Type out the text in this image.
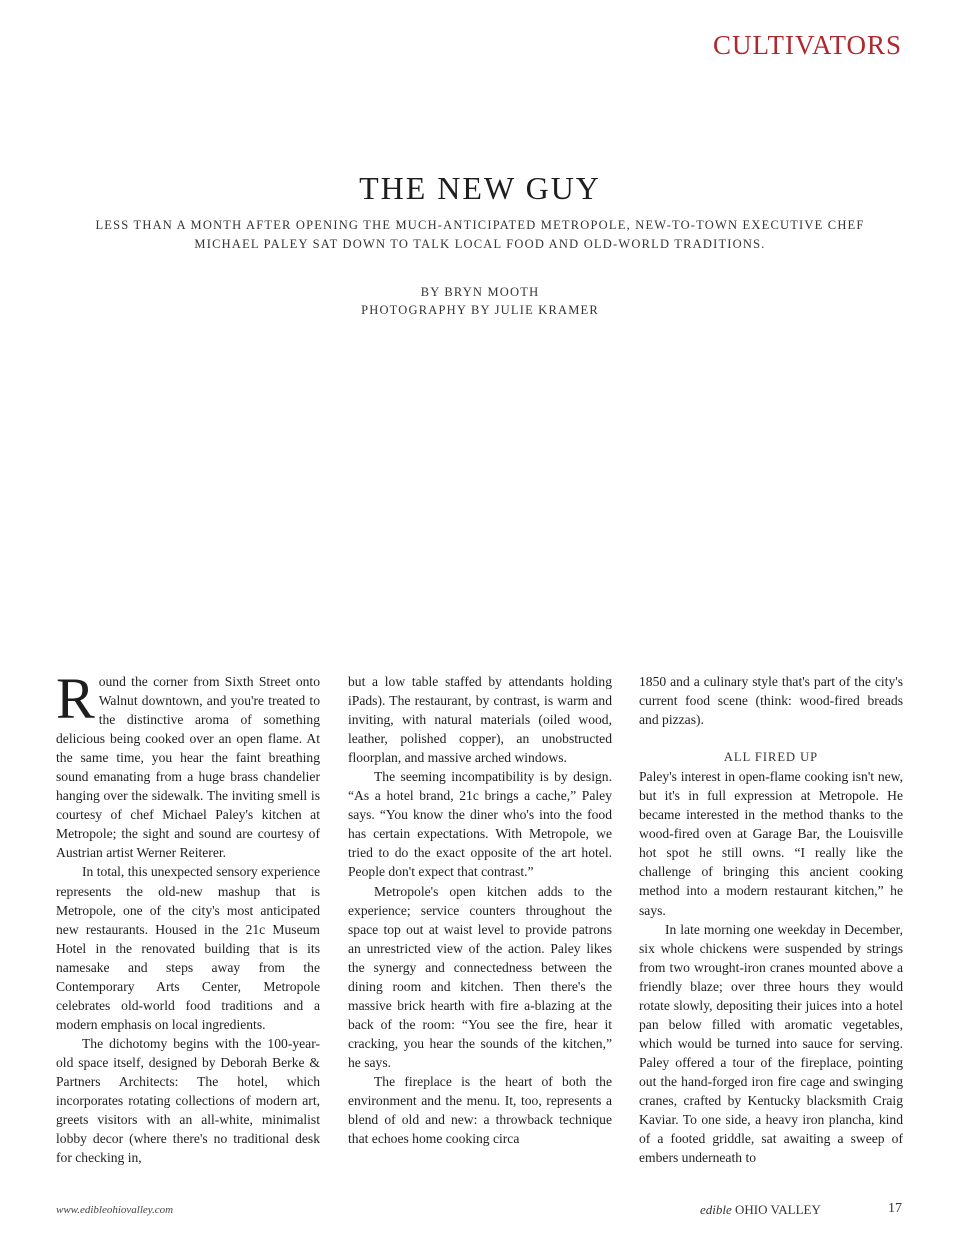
CULTIVATORS
THE NEW GUY
LESS THAN A MONTH AFTER OPENING THE MUCH-ANTICIPATED METROPOLE, NEW-TO-TOWN EXECUTIVE CHEF
MICHAEL PALEY SAT DOWN TO TALK LOCAL FOOD AND OLD-WORLD TRADITIONS.
BY BRYN MOOTH
PHOTOGRAPHY BY JULIE KRAMER

Round the corner from Sixth Street onto Walnut downtown, and you're treated to the distinctive aroma of something delicious being cooked over an open flame. At the same time, you hear the faint breathing sound emanating from a huge brass chandelier hanging over the sidewalk. The inviting smell is courtesy of chef Michael Paley's kitchen at Metropole; the sight and sound are courtesy of Austrian artist Werner Reiterer.

In total, this unexpected sensory experience represents the old-new mashup that is Metropole, one of the city's most anticipated new restaurants. Housed in the 21c Museum Hotel in the renovated building that is its namesake and steps away from the Contemporary Arts Center, Metropole celebrates old-world food traditions and a modern emphasis on local ingredients.

The dichotomy begins with the 100-year-old space itself, designed by Deborah Berke & Partners Architects: The hotel, which incorporates rotating collections of modern art, greets visitors with an all-white, minimalist lobby decor (where there's no traditional desk for checking in,

but a low table staffed by attendants holding iPads). The restaurant, by contrast, is warm and inviting, with natural materials (oiled wood, leather, polished copper), an unobstructed floorplan, and massive arched windows.

The seeming incompatibility is by design. “As a hotel brand, 21c brings a cache,” Paley says. “You know the diner who's into the food has certain expectations. With Metropole, we tried to do the exact opposite of the art hotel. People don't expect that contrast.”

Metropole's open kitchen adds to the experience; service counters throughout the space top out at waist level to provide patrons an unrestricted view of the action. Paley likes the synergy and connectedness between the dining room and kitchen. Then there's the massive brick hearth with fire a-blazing at the back of the room: “You see the fire, hear it cracking, you hear the sounds of the kitchen,” he says.

The fireplace is the heart of both the environment and the menu. It, too, represents a blend of old and new: a throwback technique that echoes home cooking circa

1850 and a culinary style that's part of the city's current food scene (think: wood-fired breads and pizzas).

ALL FIRED UP

Paley's interest in open-flame cooking isn't new, but it's in full expression at Metropole. He became interested in the method thanks to the wood-fired oven at Garage Bar, the Louisville hot spot he still owns. “I really like the challenge of bringing this ancient cooking method into a modern restaurant kitchen,” he says.

In late morning one weekday in December, six whole chickens were suspended by strings from two wrought-iron cranes mounted above a friendly blaze; over three hours they would rotate slowly, depositing their juices into a hotel pan below filled with aromatic vegetables, which would be turned into sauce for serving. Paley offered a tour of the fireplace, pointing out the hand-forged iron fire cage and swinging cranes, crafted by Kentucky blacksmith Craig Kaviar. To one side, a heavy iron plancha, kind of a footed griddle, sat awaiting a sweep of embers underneath to

www.edibleohiovalley.com	edible OHIO VALLEY	17
